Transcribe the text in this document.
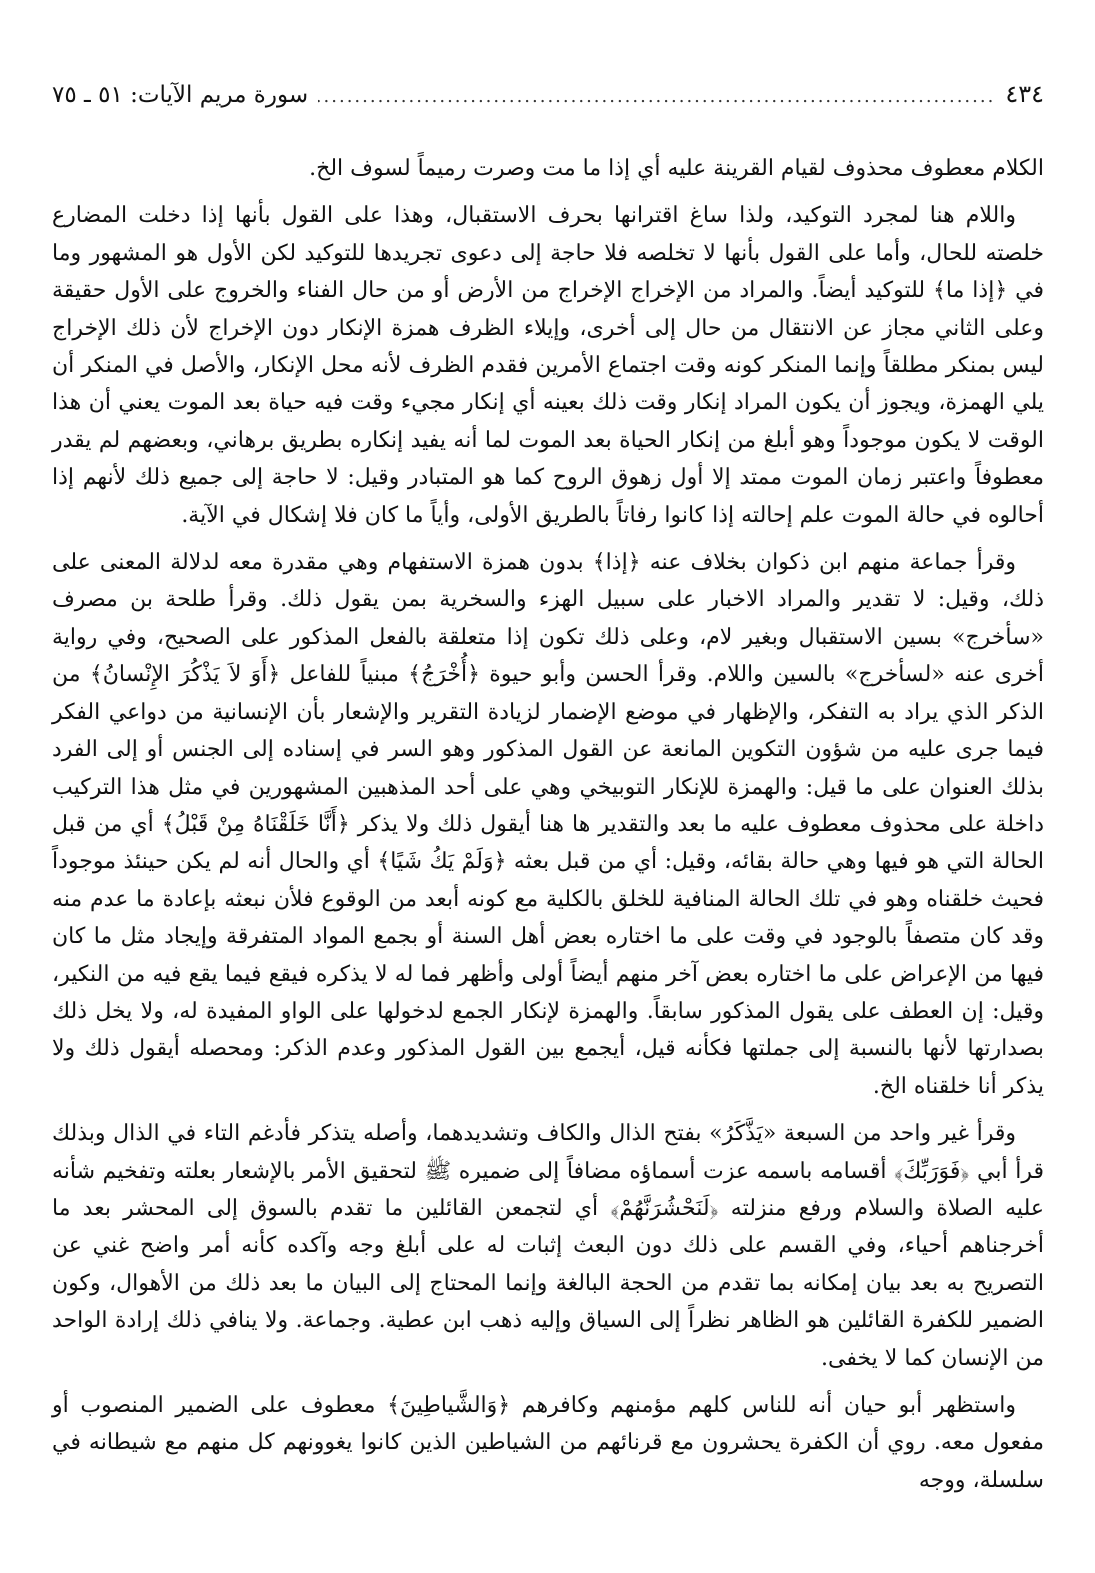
٤٣٤
.....
سورة مريم الآيات: ٥١ ـ ٧٥

الكلام معطوف محذوف لقيام القرينة عليه أي إذا ما مت وصرت رميماً لسوف الخ.

واللام هنا لمجرد التوكيد، ولذا ساغ اقترانها بحرف الاستقبال، وهذا على القول بأنها إذا دخلت المضارع خلصته للحال، وأما على القول بأنها لا تخلصه فلا حاجة إلى دعوى تجريدها للتوكيد لكن الأول هو المشهور وما في ﴿إذا ما﴾ للتوكيد أيضاً. والمراد من الإخراج الإخراج من الأرض أو من حال الفناء والخروج على الأول حقيقة وعلى الثاني مجاز عن الانتقال من حال إلى أخرى، وإيلاء الظرف همزة الإنكار دون الإخراج لأن ذلك الإخراج ليس بمنكر مطلقاً وإنما المنكر كونه وقت اجتماع الأمرين فقدم الظرف لأنه محل الإنكار، والأصل في المنكر أن يلي الهمزة، ويجوز أن يكون المراد إنكار وقت ذلك بعينه أي إنكار مجيء وقت فيه حياة بعد الموت يعني أن هذا الوقت لا يكون موجوداً وهو أبلغ من إنكار الحياة بعد الموت لما أنه يفيد إنكاره بطريق برهاني، وبعضهم لم يقدر معطوفاً واعتبر زمان الموت ممتد إلا أول زهوق الروح كما هو المتبادر وقيل: لا حاجة إلى جميع ذلك لأنهم إذا أحالوه في حالة الموت علم إحالته إذا كانوا رفاتاً بالطريق الأولى، وأياً ما كان فلا إشكال في الآية.

وقرأ جماعة منهم ابن ذكوان بخلاف عنه ﴿إذا﴾ بدون همزة الاستفهام وهي مقدرة معه لدلالة المعنى على ذلك، وقيل: لا تقدير والمراد الاخبار على سبيل الهزء والسخرية بمن يقول ذلك. وقرأ طلحة بن مصرف «سأخرج» بسين الاستقبال وبغير لام، وعلى ذلك تكون إذا متعلقة بالفعل المذكور على الصحيح، وفي رواية أخرى عنه «لسأخرج» بالسين واللام. وقرأ الحسن وأبو حيوة ﴿أُخْرَجُ﴾ مبنياً للفاعل ﴿أَوَ لاَ يَذْكُرَ الإِنْسانُ﴾ من الذكر الذي يراد به التفكر، والإظهار في موضع الإضمار لزيادة التقرير والإشعار بأن الإنسانية من دواعي الفكر فيما جرى عليه من شؤون التكوين المانعة عن القول المذكور وهو السر في إسناده إلى الجنس أو إلى الفرد بذلك العنوان على ما قيل: والهمزة للإنكار التوبيخي وهي على أحد المذهبين المشهورين في مثل هذا التركيب داخلة على محذوف معطوف عليه ما بعد والتقدير ها هنا أيقول ذلك ولا يذكر ﴿أَنَّا خَلَقْنَاهُ مِنْ قَبْلُ﴾ أي من قبل الحالة التي هو فيها وهي حالة بقائه، وقيل: أي من قبل بعثه ﴿وَلَمْ يَكُ شَيًا﴾ أي والحال أنه لم يكن حينئذ موجوداً فحيث خلقناه وهو في تلك الحالة المنافية للخلق بالكلية مع كونه أبعد من الوقوع فلأن نبعثه بإعادة ما عدم منه وقد كان متصفاً بالوجود في وقت على ما اختاره بعض أهل السنة أو بجمع المواد المتفرقة وإيجاد مثل ما كان فيها من الإعراض على ما اختاره بعض آخر منهم أيضاً أولى وأظهر فما له لا يذكره فيقع فيما يقع فيه من النكير، وقيل: إن العطف على يقول المذكور سابقاً. والهمزة لإنكار الجمع لدخولها على الواو المفيدة له، ولا يخل ذلك بصدارتها لأنها بالنسبة إلى جملتها فكأنه قيل، أيجمع بين القول المذكور وعدم الذكر: ومحصله أيقول ذلك ولا يذكر أنا خلقناه الخ.

وقرأ غير واحد من السبعة «يَذَّكَرُ» بفتح الذال والكاف وتشديدهما، وأصله يتذكر فأدغم التاء في الذال وبذلك قرأ أبي ﴿فَوَرَبِّكَ﴾ أقسامه باسمه عزت أسماؤه مضافاً إلى ضميره ﷺ لتحقيق الأمر بالإشعار بعلته وتفخيم شأنه عليه الصلاة والسلام ورفع منزلته ﴿لَنَحْشُرَنَّهُمْ﴾ أي لتجمعن القائلين ما تقدم بالسوق إلى المحشر بعد ما أخرجناهم أحياء، وفي القسم على ذلك دون البعث إثبات له على أبلغ وجه وآكده كأنه أمر واضح غني عن التصريح به بعد بيان إمكانه بما تقدم من الحجة البالغة وإنما المحتاج إلى البيان ما بعد ذلك من الأهوال، وكون الضمير للكفرة القائلين هو الظاهر نظراً إلى السياق وإليه ذهب ابن عطية. وجماعة. ولا ينافي ذلك إرادة الواحد من الإنسان كما لا يخفى.

واستظهر أبو حيان أنه للناس كلهم مؤمنهم وكافرهم ﴿وَالشَّياطِينَ﴾ معطوف على الضمير المنصوب أو مفعول معه. روي أن الكفرة يحشرون مع قرنائهم من الشياطين الذين كانوا يغوونهم كل منهم مع شيطانه في سلسلة، ووجه
